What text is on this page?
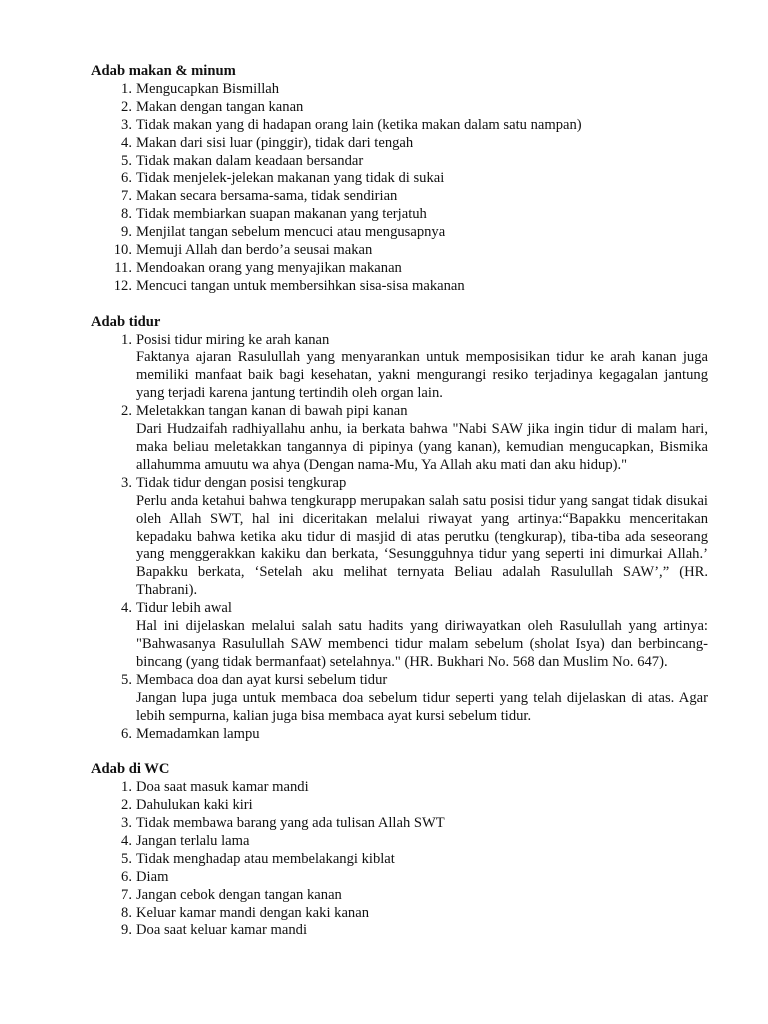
Adab makan & minum
1. Mengucapkan Bismillah
2. Makan dengan tangan kanan
3. Tidak makan yang di hadapan orang lain (ketika makan dalam satu nampan)
4. Makan dari sisi luar (pinggir), tidak dari tengah
5. Tidak makan dalam keadaan bersandar
6. Tidak menjelek-jelekan makanan yang tidak di sukai
7. Makan secara bersama-sama, tidak sendirian
8. Tidak membiarkan suapan makanan yang terjatuh
9. Menjilat tangan sebelum mencuci atau mengusapnya
10. Memuji Allah dan berdo’a seusai makan
11. Mendoakan orang yang menyajikan makanan
12. Mencuci tangan untuk membersihkan sisa-sisa makanan
Adab tidur
1. Posisi tidur miring ke arah kanan
Faktanya ajaran Rasulullah yang menyarankan untuk memposisikan tidur ke arah kanan juga memiliki manfaat baik bagi kesehatan, yakni mengurangi resiko terjadinya kegagalan jantung yang terjadi karena jantung tertindih oleh organ lain.
2. Meletakkan tangan kanan di bawah pipi kanan
Dari Hudzaifah radhiyallahu anhu, ia berkata bahwa "Nabi SAW jika ingin tidur di malam hari, maka beliau meletakkan tangannya di pipinya (yang kanan), kemudian mengucapkan, Bismika allahumma amuutu wa ahya (Dengan nama-Mu, Ya Allah aku mati dan aku hidup)."
3. Tidak tidur dengan posisi tengkurap
Perlu anda ketahui bahwa tengkurapp merupakan salah satu posisi tidur yang sangat tidak disukai oleh Allah SWT, hal ini diceritakan melalui riwayat yang artinya:“Bapakku menceritakan kepadaku bahwa ketika aku tidur di masjid di atas perutku (tengkurap), tiba-tiba ada seseorang yang menggerakkan kakiku dan berkata, ‘Sesungguhnya tidur yang seperti ini dimurkai Allah.’ Bapakku berkata, ‘Setelah aku melihat ternyata Beliau adalah Rasulullah SAW’,” (HR. Thabrani).
4. Tidur lebih awal
Hal ini dijelaskan melalui salah satu hadits yang diriwayatkan oleh Rasulullah yang artinya: "Bahwasanya Rasulullah SAW membenci tidur malam sebelum (sholat Isya) dan berbincang-bincang (yang tidak bermanfaat) setelahnya." (HR. Bukhari No. 568 dan Muslim No. 647).
5. Membaca doa dan ayat kursi sebelum tidur
Jangan lupa juga untuk membaca doa sebelum tidur seperti yang telah dijelaskan di atas. Agar lebih sempurna, kalian juga bisa membaca ayat kursi sebelum tidur.
6. Memadamkan lampu
Adab di WC
1. Doa saat masuk kamar mandi
2. Dahulukan kaki kiri
3. Tidak membawa barang yang ada tulisan Allah SWT
4. Jangan terlalu lama
5. Tidak menghadap atau membelakangi kiblat
6. Diam
7. Jangan cebok dengan tangan kanan
8. Keluar kamar mandi dengan kaki kanan
9. Doa saat keluar kamar mandi
